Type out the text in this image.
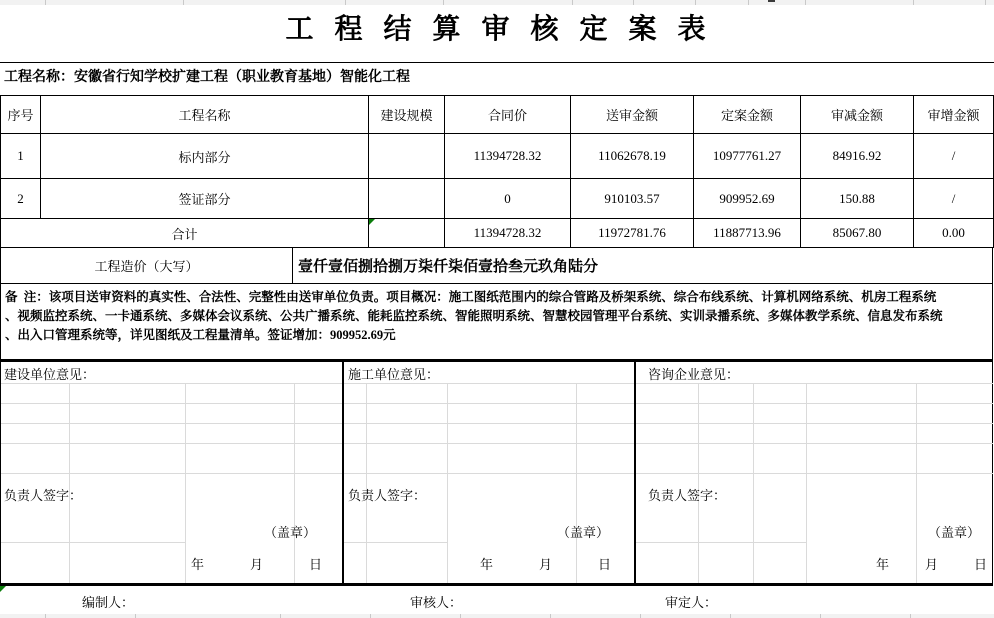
工 程 结 算 审 核 定 案 表
工程名称：安徽省行知学校扩建工程（职业教育基地）智能化工程
序号	工程名称	建设规模	合同价	送审金额	定案金额	审减金额	审增金额
1	标内部分		11394728.32	11062678.19	10977761.27	84916.92	/
2	签证部分		0	910103.57	909952.69	150.88	/
合计			11394728.32	11972781.76	11887713.96	85067.80	0.00
工程造价（大写）	壹仟壹佰捌拾捌万柒仟柒佰壹拾叁元玖角陆分
备  注：该项目送审资料的真实性、合法性、完整性由送审单位负责。项目概况：施工图纸范围内的综合管路及桥架系统、综合布线系统、计算机网络系统、机房工程系统
、视频监控系统、一卡通系统、多媒体会议系统、公共广播系统、能耗监控系统、智能照明系统、智慧校园管理平台系统、实训录播系统、多媒体教学系统、信息发布系统
、出入口管理系统等，详见图纸及工程量清单。签证增加：909952.69元
建设单位意见：
负责人签字：
（盖章）
年	月	日
施工单位意见：
负责人签字：
（盖章）
年	月	日
咨询企业意见：
负责人签字：
（盖章）
年	月	日
编制人：	审核人：	审定人：
